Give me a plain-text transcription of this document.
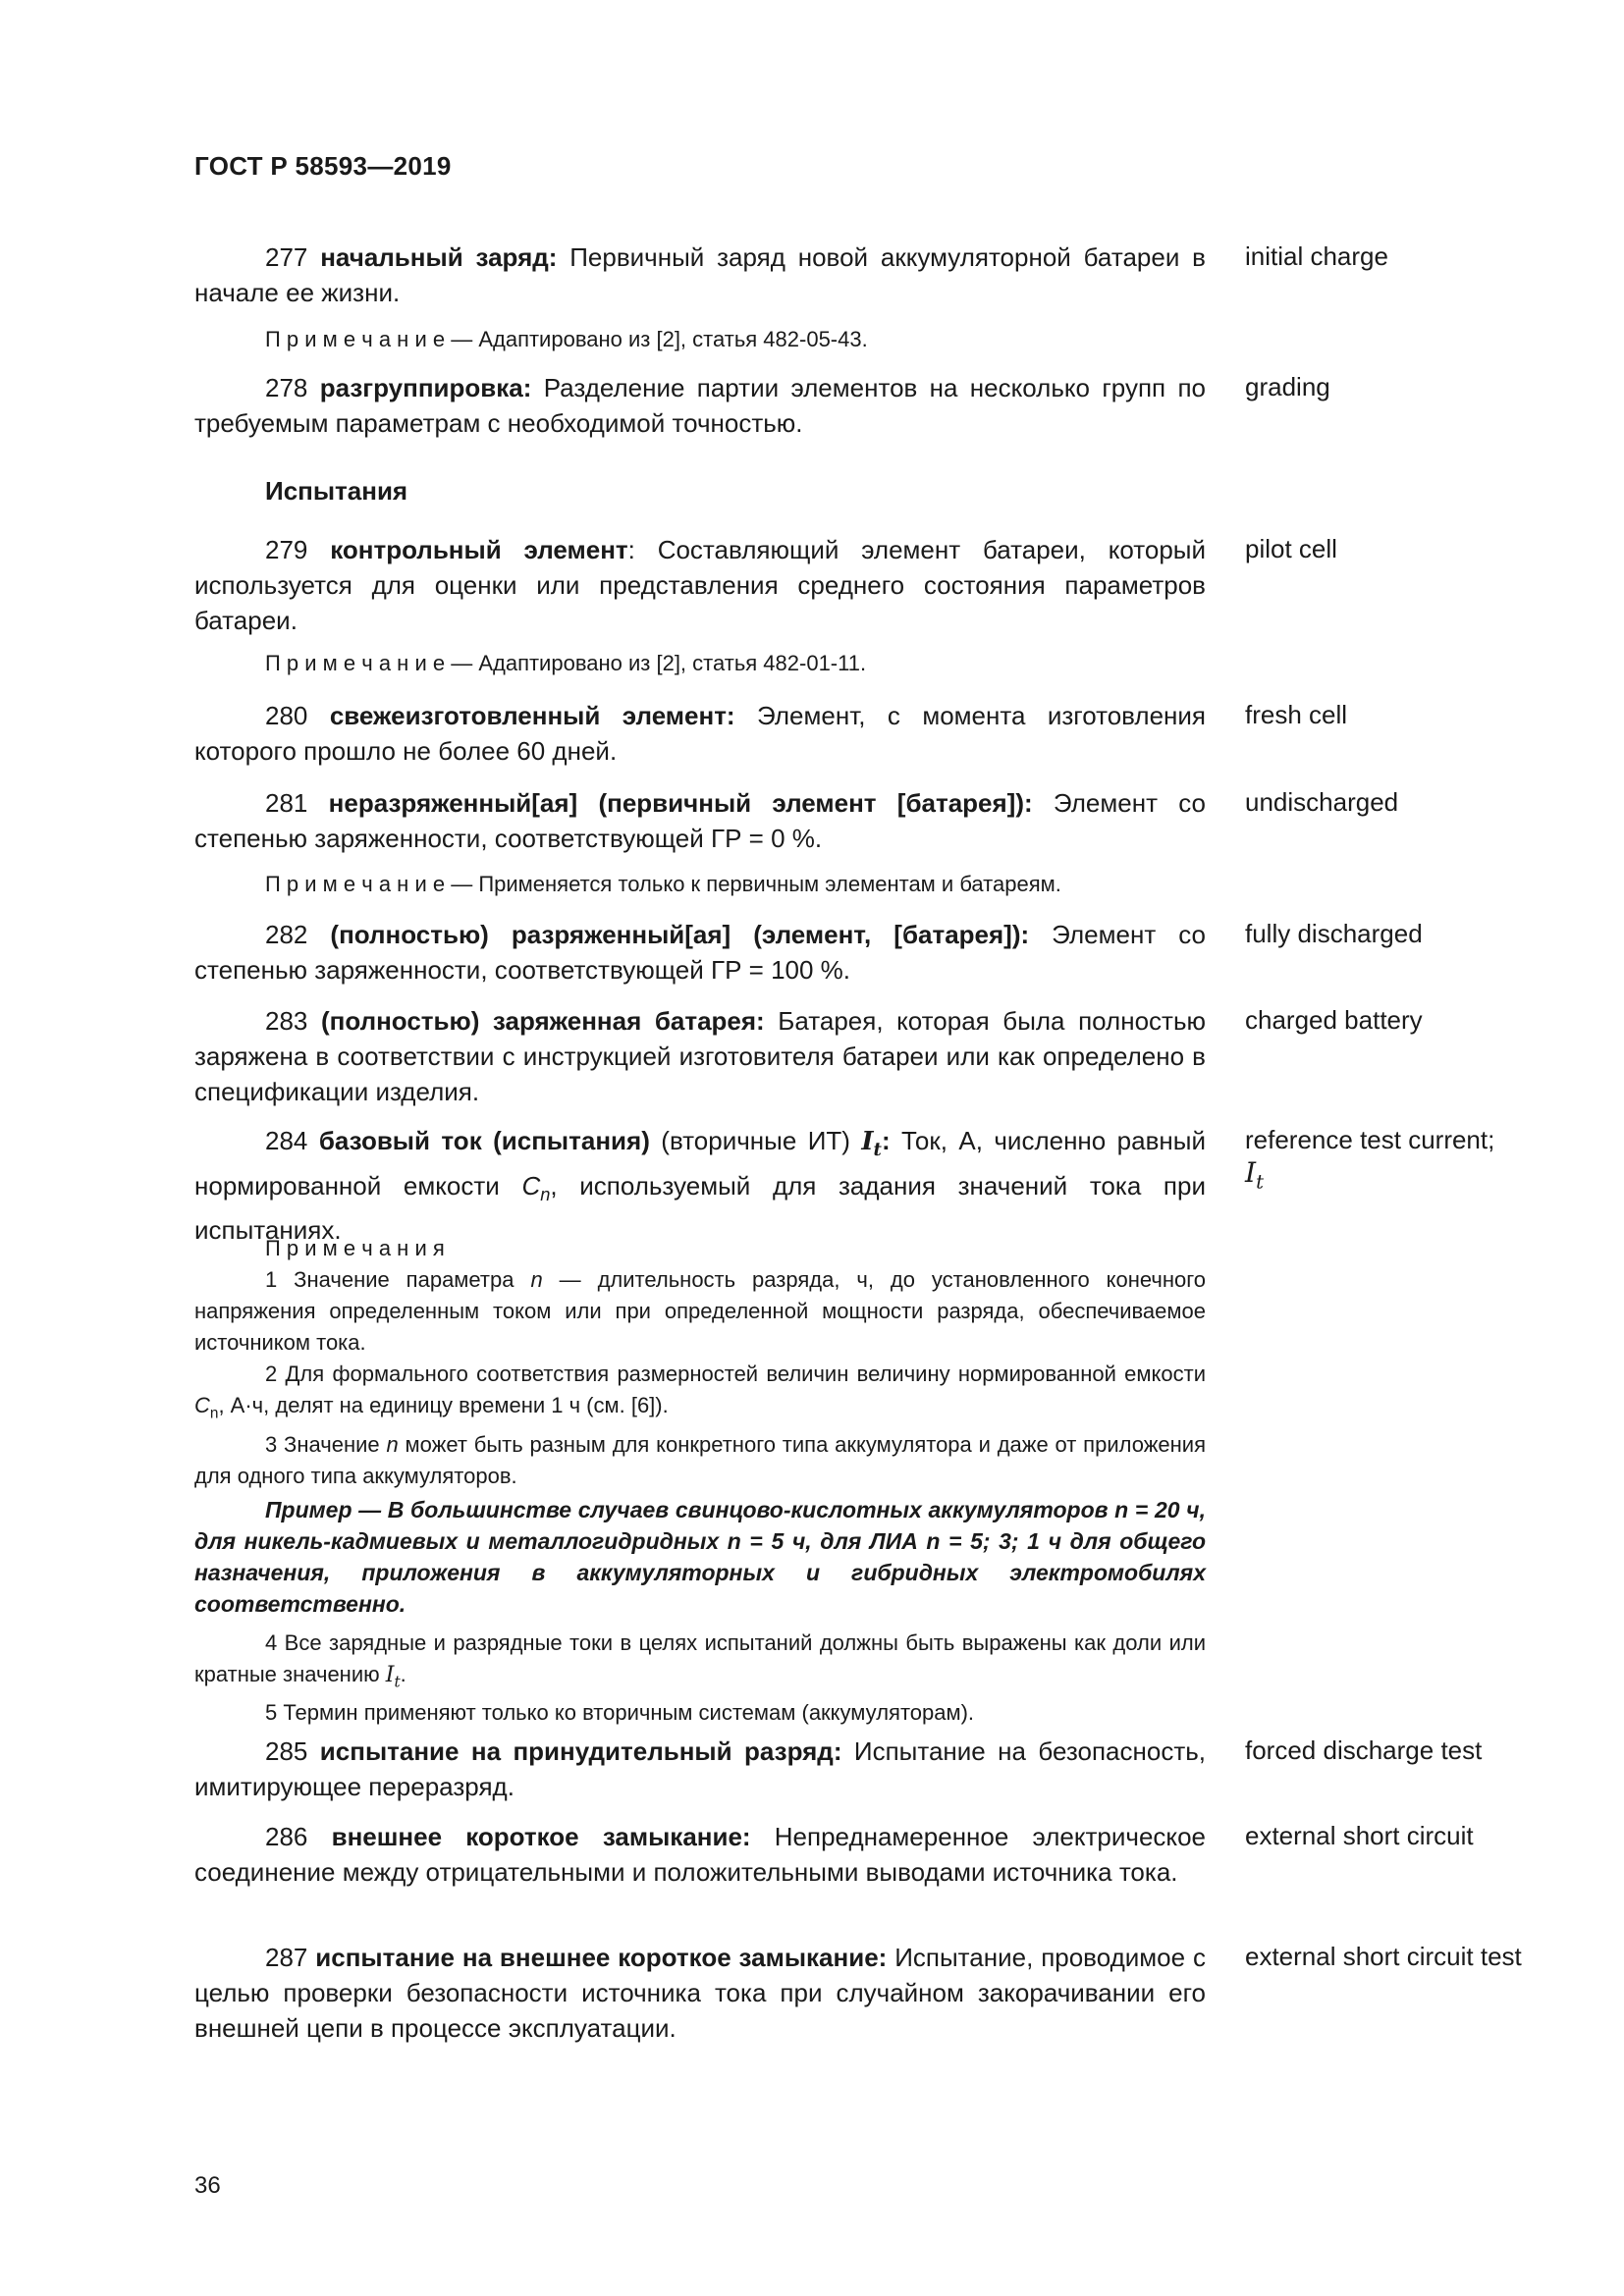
ГОСТ Р 58593—2019
277 начальный заряд: Первичный заряд новой аккумуляторной батареи в начале ее жизни.
initial charge
П р и м е ч а н и е — Адаптировано из [2], статья 482-05-43.
278 разгруппировка: Разделение партии элементов на несколько групп по требуемым параметрам с необходимой точностью.
grading
Испытания
279 контрольный элемент: Составляющий элемент батареи, который используется для оценки или представления среднего состояния параметров батареи.
pilot cell
П р и м е ч а н и е — Адаптировано из [2], статья 482-01-11.
280 свежеизготовленный элемент: Элемент, с момента изготовления которого прошло не более 60 дней.
fresh cell
281 неразряженный[ая] (первичный элемент [батарея]): Элемент со степенью заряженности, соответствующей ГР = 0 %.
undischarged
П р и м е ч а н и е — Применяется только к первичным элементам и батареям.
282 (полностью) разряженный[ая] (элемент, [батарея]): Элемент со степенью заряженности, соответствующей ГР = 100 %.
fully discharged
283 (полностью) заряженная батарея: Батарея, которая была полностью заряжена в соответствии с инструкцией изготовителя батареи или как определено в спецификации изделия.
charged battery
284 базовый ток (испытания) (вторичные ИТ) $I_t$: Ток, А, численно равный нормированной емкости $C_n$, используемый для задания значений тока при испытаниях.
reference test current;
$I_t$
П р и м е ч а н и я
1 Значение параметра n — длительность разряда, ч, до установленного конечного напряжения определенным током или при определенной мощности разряда, обеспечиваемое источником тока.
2 Для формального соответствия размерностей величин величину нормированной емкости $C_n$, А·ч, делят на единицу времени 1 ч (см. [6]).
3 Значение n может быть разным для конкретного типа аккумулятора и даже от приложения для одного типа аккумуляторов.
Пример — В большинстве случаев свинцово-кислотных аккумуляторов n = 20 ч, для никель-кадмиевых и металлогидридных n = 5 ч, для ЛИА n = 5; 3; 1 ч для общего назначения, приложения в аккумуляторных и гибридных электромобилях соответственно.
4 Все зарядные и разрядные токи в целях испытаний должны быть выражены как доли или кратные значению $I_t$.
5 Термин применяют только ко вторичным системам (аккумуляторам).
285 испытание на принудительный разряд: Испытание на безопасность, имитирующее переразряд.
forced discharge test
286 внешнее короткое замыкание: Непреднамеренное электрическое соединение между отрицательными и положительными выводами источника тока.
external short circuit
287 испытание на внешнее короткое замыкание: Испытание, проводимое с целью проверки безопасности источника тока при случайном закорачивании его внешней цепи в процессе эксплуатации.
external short circuit test
36
